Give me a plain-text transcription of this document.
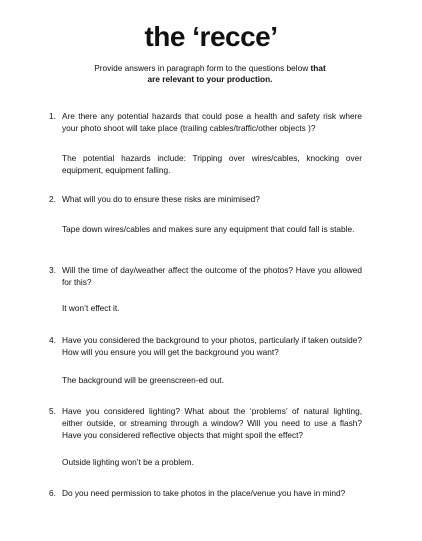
the ‘recce’
Provide answers in paragraph form to the questions below that
are relevant to your production.
1. Are there any potential hazards that could pose a health and safety risk where your photo shoot will take place (trailing cables/traffic/other objects )?
The potential hazards include: Tripping over wires/cables, knocking over equipment, equipment falling.
2. What will you do to ensure these risks are minimised?
Tape down wires/cables and makes sure any equipment that could fall is stable.
3. Will the time of day/weather affect the outcome of the photos? Have you allowed for this?
It won’t effect it.
4. Have you considered the background to your photos, particularly if taken outside? How will you ensure you will get the background you want?
The background will be greenscreen-ed out.
5. Have you considered lighting? What about the ‘problems’ of natural lighting, either outside, or streaming through a window? Will you need to use a flash? Have you considered reflective objects that might spoil the effect?
Outside lighting won’t be a problem.
6. Do you need permission to take photos in the place/venue you have in mind?
